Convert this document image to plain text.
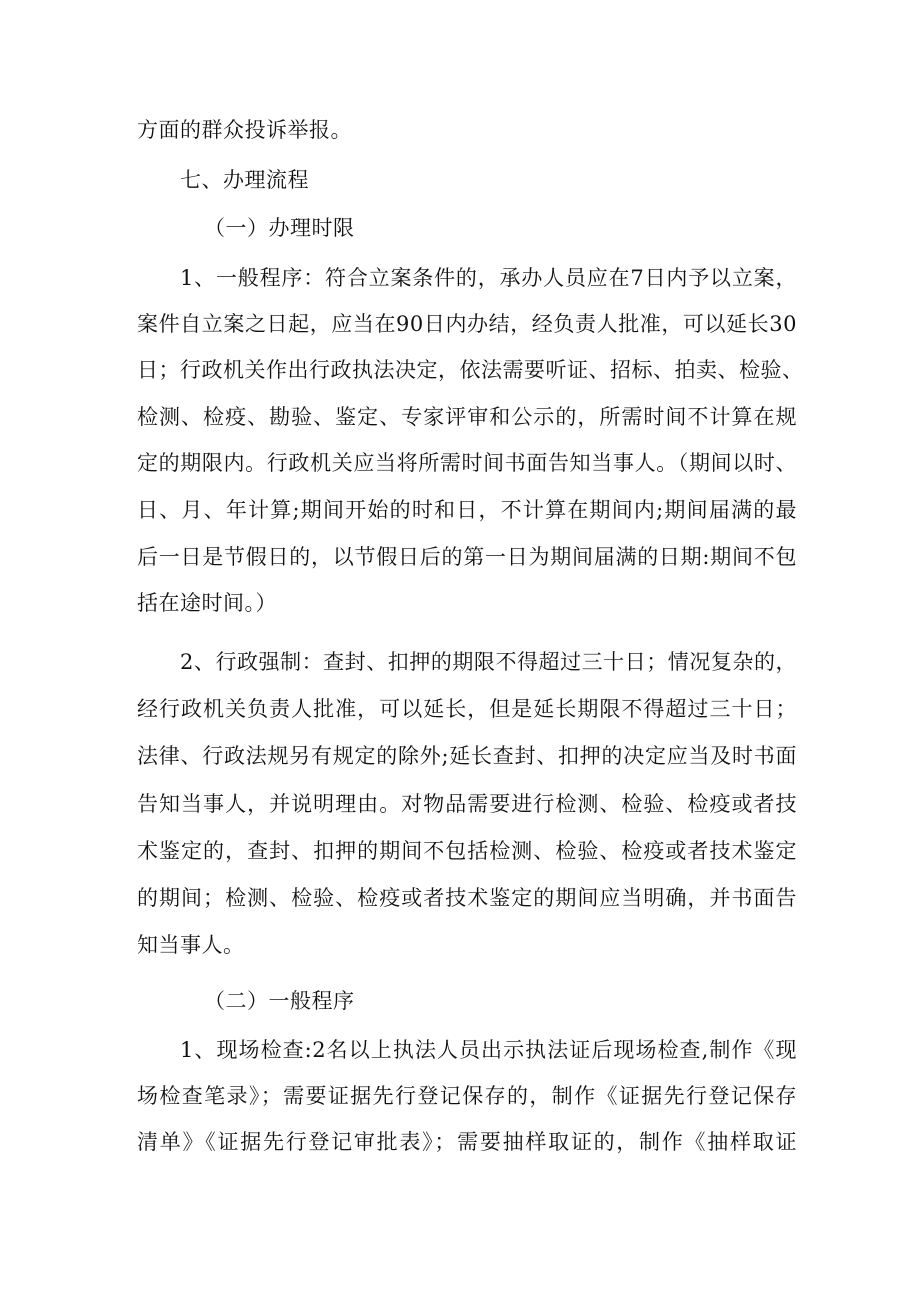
方面的群众投诉举报。
七、办理流程
（一）办理时限
1、一般程序：符合立案条件的，承办人员应在7日内予以立案，
案件自立案之日起，应当在90日内办结，经负责人批准，可以延长30
日；行政机关作出行政执法决定，依法需要听证、招标、拍卖、检验、
检测、检疫、勘验、鉴定、专家评审和公示的，所需时间不计算在规
定的期限内。行政机关应当将所需时间书面告知当事人。（期间以时、
日、月、年计算;期间开始的时和日，不计算在期间内;期间届满的最
后一日是节假日的，以节假日后的第一日为期间届满的日期:期间不包
括在途时间。）
2、行政强制：查封、扣押的期限不得超过三十日；情况复杂的，
经行政机关负责人批准，可以延长，但是延长期限不得超过三十日；
法律、行政法规另有规定的除外;延长查封、扣押的决定应当及时书面
告知当事人，并说明理由。对物品需要进行检测、检验、检疫或者技
术鉴定的，查封、扣押的期间不包括检测、检验、检疫或者技术鉴定
的期间；检测、检验、检疫或者技术鉴定的期间应当明确，并书面告
知当事人。
（二）一般程序
1、现场检查:2名以上执法人员出示执法证后现场检查,制作《现
场检查笔录》；需要证据先行登记保存的，制作《证据先行登记保存
清单》《证据先行登记审批表》；需要抽样取证的，制作《抽样取证
